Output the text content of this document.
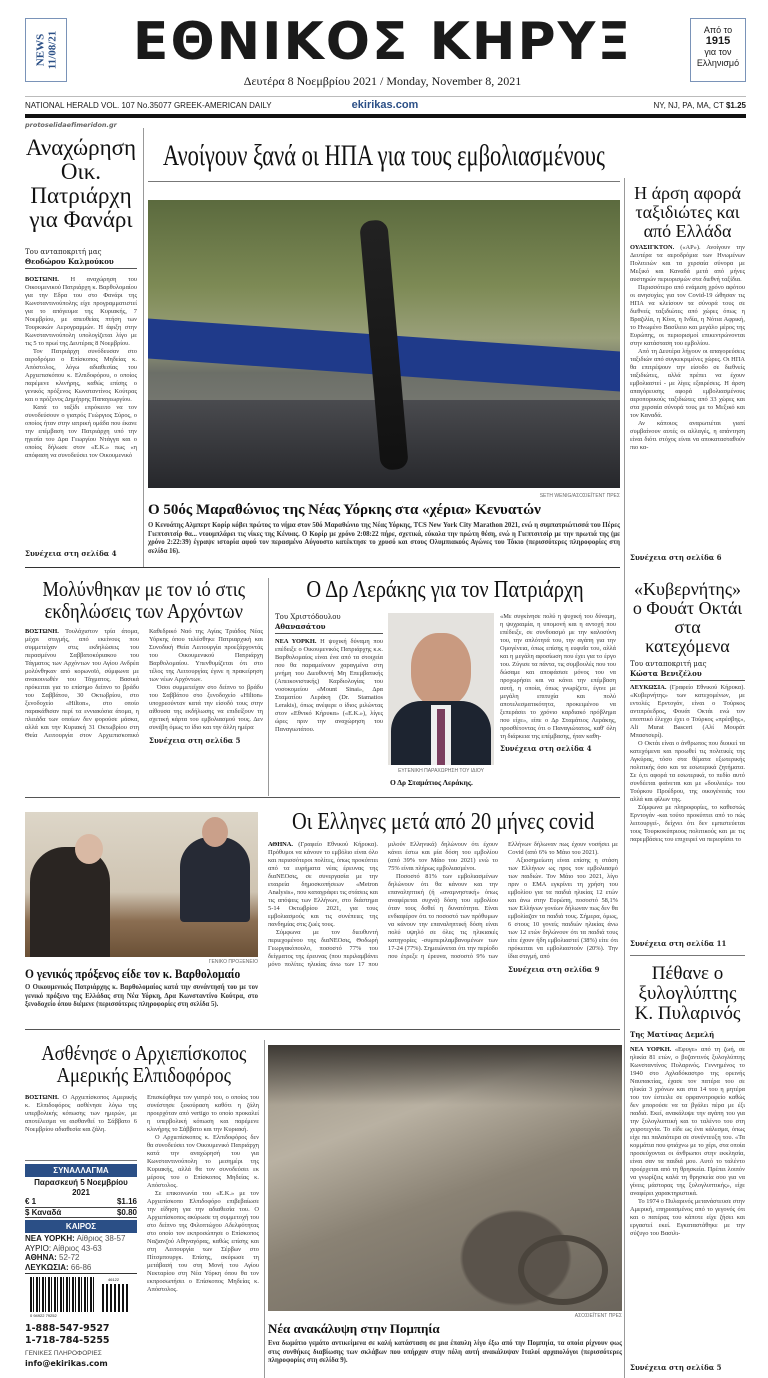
NEWS
11/08/21	ΕΘΝΙΚΟΣ ΚΗΡΥΞ
Δευτέρα 8 Νοεμβρίου 2021 / Monday, November 8, 2021
Από το
1915
για τον
Ελληνισμό
NATIONAL HERALD VOL. 107 No.35077 GREEK-AMERICAN DAILY	ekirikas.com	NY, NJ, PA, MA, CT $1.25
protoselidaefimeridon.gr
Αναχώρηση Οικ. Πατριάρχη για Φανάρι
Του ανταποκριτή μας
Θεοδώρου Καλμούκου

ΒΟΣΤΩΝΗ. Η αναχώρηση του Οικουμενικού Πατριάρχη κ. Βαρθολομαίου για την Εδρα του στο Φανάρι της Κωνσταντινούπολης είχε προγραμματιστεί για το απόγευμα της Κυριακής, 7 Νοεμβρίου, με απευθείας πτήση των Τουρκικών Αερογραμμών. Η άφιξη στην Κωνσταντινούπολη υπολογίζεται λίγο με τις 5 το πρωί της Δευτέρας 8 Νοεμβρίου.

Τον Πατριάρχη συνόδευσαν στο αεροδρόμιο ο Επίσκοπος Μηδείας κ. Απόστολος, λόγω αδιαθεσίας του Αρχιεπισκόπου κ. Ελπιδοφόρου, ο οποίος παρέμενε κλινήρης, καθώς επίσης ο γενικός πρόξενος Κωνσταντίνος Κούτρας και ο πρόξενος Δημήτρης Παπαγεωργίου.

Κατά το ταξίδι επρόκειτο να τον συνοδεύσουν ο γιατρός Γεώργιος Σύρος, ο οποίος ήταν στην ιατρική ομάδα που έκανε την επέμβαση τον Πατριάρχη υπό την ηγεσία του Δρα Γεωργίου Ντάγγα και ο οποίος δήλωσε στον «Ε.Κ.» πως «η απόφαση να συνοδεύσει τον Οικουμενικό

Συνέχεια στη σελίδα 4
Ανοίγουν ξανά οι ΗΠΑ για τους εμβολιασμένους
SETH WENIG/ΑΣΟΣΙΕΪΤΕΝΤ ΠΡΕΣ
Ο 50ός Μαραθώνιος της Νέας Υόρκης στα «χέρια» Κενυατών
Ο Κενυάτης Αλμπερτ Κορίρ κόβει πρώτος το νήμα στον 50ό Μαραθώνιο της Νέας Υόρκης, TCS New York City Marathon 2021, ενώ η συμπατριώτισσά του Πέρες Γιεπτσιτσίρ θα... ντουμπλάρει τις νίκες της Κένυας. Ο Κορίρ με χρόνο 2:08:22 πήρε, σχετικά, εύκολα την πρώτη θέση, ενώ η Γιεπτσιτσίρ με την πρωτιά της (με χρόνο 2:22:39) έγραψε ιστορία αφού τον περασμένο Αύγουστο κατέκτησε το χρυσό και στους Ολυμπιακούς Αγώνες του Τόκιο (περισσότερες πληροφορίες στη σελίδα 16).
Η άρση αφορά ταξιδιώτες και από Ελλάδα

ΟΥΑΣΙΓΚΤΟΝ. («AP»). Ανοίγουν την Δευτέρα τα αεροδρόμια των Ηνωμένων Πολιτειών και τα χερσαία σύνορα με Μεξικό και Καναδά μετά από μήνες αυστηρών περιορισμών στα διεθνή ταξίδια.

Περισσότερο από ενάμιση χρόνο αφότου οι ανησυχίες για τον Covid-19 ώθησαν τις ΗΠΑ να κλείσουν τα σύνορά τους σε διεθνείς ταξιδιώτες από χώρες όπως η Βραζιλία, η Κίνα, η Ινδία, η Νότια Αφρική, το Ηνωμένο Βασίλειο και μεγάλο μέρος της Ευρώπης, οι περιορισμοί επικεντρώνονται στην κατάσταση του εμβολίου.

Από τη Δευτέρα λήγουν οι απαγορεύσεις ταξιδιών από συγκεκριμένες χώρες. Οι ΗΠΑ θα επιτρέψουν την είσοδο σε διεθνείς ταξιδιώτες, αλλά πρέπει να έχουν εμβολιαστεί - με λίγες εξαιρέσεις. Η άρση απαγόρευσης αφορά εμβολιασμένους αεροπορικούς ταξιδιώτες από 33 χώρες και στα χερσαία σύνορά τους με το Μεξικό και τον Καναδά.

Αν κάποιος αναρωτιέται γιατί συμβαίνουν αυτές οι αλλαγές, η απάντηση είναι διότι στόχος είναι να αποκατασταθούν πιο κα-

Συνέχεια στη σελίδα 6
Μολύνθηκαν με τον ιό στις εκδηλώσεις των Αρχόντων

ΒΟΣΤΩΝΗ. Τουλάχιστον τρία άτομα, μέχρι στιγμής, από εκείνους που συμμετείχαν στις εκδηλώσεις του περασμένου Σαββατοκύριακου του Τάγματος των Αρχόντων του Αγίου Ανδρέα μολύνθηκαν από κορωνοϊό, σύμφωνα με ανακοινωθέν του Τάγματος. Βασικά πρόκειται για το επίσημο δείπνο το βράδυ του Σαββάτου, 30 Οκτωβρίου, στο ξενοδοχείο «Hilton», στο οποίο παρακάθισαν περί τα εννιακόσια άτομα, η πλειάδα των οποίων δεν φορούσε μάσκα, αλλά και την Κυριακή 31 Οκτωβρίου στη Θεία Λειτουργία στον Αρχιεπισκοπικό Καθεδρικό Ναό της Αγίας Τριάδος Νέας Υόρκης όπου τελέσθηκε Πατριαρχική και Συνοδική Θεία Λειτουργία προεξάρχοντάς του Οικουμενικού Πατριάρχη Βαρθολομαίου. Υπενθυμίζεται ότι στο τέλος της Λειτουργίας έγινε η πρακείρηση των νέων Αρχόντων.

Όσοι συμμετείχαν στο δείπνο το βράδυ του Σαββάτου στο ξενοδοχείο «Hilton» υποχρεούνταν κατά την είσοδό τους στην αίθουσα της εκδήλωσης να επιδείξουν τη σχετική κάρτα του εμβολιασμού τους. Δεν συνέβη όμως το ίδιο και την άλλη ημέρα

Συνέχεια στη σελίδα 5
Ο Δρ Λεράκης για τον Πατριάρχη
Του Χριστόδουλου
Αθανασάτου
ΕΥΓΕΝΙΚΗ ΠΑΡΑΧΩΡΗΣΗ ΤΟΥ ΙΔΙΟΥ
Ο Δρ Σταμάτιος Λεράκης.

ΝΕΑ ΥΟΡΚΗ. Η ψυχική δύναμη που επέδειξε ο Οικουμενικός Πατριάρχης κ.κ. Βαρθολομαίος είναι ένα από τα στοιχεία που θα παραμείνουν χαραγμένα στη μνήμη του Διευθυντή Μη Επεμβατικής (Απεικονιστικής) Καρδιολογίας του νοσοκομείου «Mount Sinai», Δρα Σταματίου Λεράκη (Dr. Stamatios Lerakis), όπως ανέφερε ο ίδιος μιλώντας στον «Εθνικό Κήρυκα» («Ε.Κ.»), λίγες ώρες πριν την αναχώρηση του Παναγιωτάτου.

«Με συγκίνησε πολύ η ψυχική του δύναμη, η ψυχραιμία, η υπομονή και η αντοχή που επέδειξε, σε συνδυασμό με την καλοσύνη του, την απλότητά του, την αγάπη για την Ομογένεια, όπως επίσης η ευφυΐα του, αλλά και η μεγάλη αφοσίωση που έχει για το έργο του. Ζύγισε τα πάντα, τις συμβουλές που του δώσαμε και αποφάσισε μόνος του να προχωρήσει και να κάνει την επέμβαση αυτή, η οποία, όπως γνωρίζετε, έγινε με μεγάλη επιτυχία και πολύ αποτελεσματικότητα, προκειμένου να ξεπεράσει το χρόνιο καρδιακό πρόβλημα που είχε», είπε ο Δρ Σταμάτιος Λεράκης, προσθέτοντας ότι ο Παναγιώτατος, καθ' όλη τη διάρκεια της επέμβασης, ήταν καθη-

Συνέχεια στη σελίδα 4
«Κυβερνήτης» ο Φουάτ Οκτάι στα κατεχόμενα
Του ανταποκριτή μας
Κώστα Βενιζέλου

ΛΕΥΚΩΣΙΑ. (Γραφείο Εθνικού Κήρυκα). «Κυβερνήτης» των κατεχομένων, με εντολές Ερντογάν, είναι ο Τούρκος αντιπρόεδρος, Φουάτ Οκτάι ενώ τον εποπτικό έλεγχο έχει ο Τούρκος «πρέσβης», Ali Murat Basceri (Αλί Μουράτ Μπαστσερί).

Ο Οκτάι είναι ο άνθρωπος που διοικεί τα κατεχόμενα και προωθεί τις πολιτικές της Αγκύρας, τόσο στα θέματα εξωτερικής πολιτικής όσο και τα εσωτερικά ζητήματα. Σε ό,τι αφορά τα εσωτερικά, το πεδίο αυτό συνδέεται φαίνεται και με «δουλειές» του Τούρκου Προέδρου, της οικογένειάς του αλλά και φίλων της.

Σύμφωνα με πληροφορίες, το καθεστώς Ερντογάν -και τούτο προκύπτει από το πώς λειτουργεί-, δείχνει ότι δεν εμπιστεύεται τους Τουρκοκύπριους πολιτικούς και με τις παρεμβάσεις του επιχειρεί να περιορίσει το

Συνέχεια στη σελίδα 11
ΓΕΝΙΚΟ ΠΡΟΞΕΝΕΙΟ
Ο γενικός πρόξενος είδε τον κ. Βαρθολομαίο
Ο Οικουμενικός Πατριάρχης κ. Βαρθολομαίος κατά την συνάντησή του με τον γενικό πρόξενο της Ελλάδας στη Νέα Υόρκη, Δρα Κωνσταντίνο Κούτρα, στο ξενοδοχείο όπου διέμενε (περισσότερες πληροφορίες στη σελίδα 5).
Οι Ελληνες μετά από 20 μήνες covid

ΑΘΗΝΑ. (Γραφείο Εθνικού Κήρυκα). Πρόθυμοι να κάνουν το εμβόλιο είναι όλο και περισσότεροι πολίτες, όπως προκύπτει από τα ευρήματα νέας έρευνας της διαΝΕΟσις, σε συνεργασία με την εταιρεία δημοσκοπήσεων «Metron Analysis», που καταγράφει τις στάσεις και τις απόψεις των Ελλήνων, στο διάστημα 5-14 Οκτωβρίου 2021, για τους εμβολιασμούς και τις συνέπειες της πανδημίας στις ζωές τους.

Σύμφωνα με τον διευθυντή περιεχομένου της διαΝΕΟσις, Θοδωρή Γεωργακόπουλο, ποσοστό 77% του δείγματος της έρευνας (που περιλαμβάνει μόνο πολίτες ηλικίας άνω των 17 που μιλούν Ελληνικά) δηλώνουν ότι έχουν κάνει έστω και μία δόση του εμβολίου (από 39% τον Μάιο του 2021) ενώ το 75% είναι πλήρως εμβολιασμένοι.

Ποσοστό 81% των εμβολιασμένων δηλώνουν ότι θα κάνουν και την επαναληπτική (ή «αναμνηστική» όπως αναφέρεται συχνά) δόση του εμβολίου όταν τους δοθεί η δυνατότητα. Είναι ενδιαφέρον ότι το ποσοστό των πρόθυμων να κάνουν την επαναληπτική δόση είναι πολύ υψηλό σε όλες τις ηλικιακές κατηγορίες -συμπεριλαμβανομένων των 17-24 (77%). Σημειώνεται ότι την περίοδο που έτρεξε η έρευνα, ποσοστό 9% των Ελλήνων δήλωναν πως έχουν νοσήσει με Covid (από 6% το Μάιο του 2021).

Αξιοσημείωτη είναι επίσης η στάση των Ελλήνων ως προς τον εμβολιασμό των παιδιών. Τον Μάιο του 2021, λίγο πριν ο ΕΜΑ εγκρίνει τη χρήση του εμβολίου για τα παιδιά ηλικίας 12 ετών και άνω στην Ευρώπη, ποσοστό 58,1% των Ελλήνων γονέων δήλωναν πως δεν θα εμβολίαζαν τα παιδιά τους. Σήμερα, όμως, 6 στους 10 γονείς παιδιών ηλικίας άνω των 12 ετών δηλώνουν ότι τα παιδιά τους είτε έχουν ήδη εμβολιαστεί (38%) είτε ότι πρόκειται να εμβολιαστούν (20%). Την ίδια στιγμή, από

Συνέχεια στη σελίδα 9
Ασθένησε ο Αρχιεπίσκοπος Αμερικής Ελπιδοφόρος

ΒΟΣΤΩΝΗ. Ο Αρχιεπίσκοπος Αμερικής κ. Ελπιδοφόρος ασθένησε λόγω της υπερβολικής κόπωσης των ημερών, με αποτέλεσμα να αισθανθεί το Σάββατο 6 Νοεμβρίου αδιαθεσία και ζάλη.

Επισκέφθηκε τον γιατρό του, ο οποίος του συνέστησε ξεκούραση καθότι η ζάλη προερχόταν από vertigo το οποίο προκαλεί η υπερβολική κόπωση και παρέμενε κλινήρης το Σάββατο και την Κυριακή.

Ο Αρχιεπίσκοπος κ. Ελπιδοφόρος δεν θα συνοδεύσει τον Οικουμενικό Πατριάρχη κατά την αναχώρησή του για Κωνσταντινούπολη το μεσημέρι της Κυριακής, αλλά θα τον συνοδεύσει εκ μέρους του ο Επίσκοπος Μηδείας κ. Απόστολος.

Σε επικοινωνία του «Ε.Κ.» με τον Αρχιεπίσκοπο Ελπιδοφόρο επιβεβαίωσε την είδηση για την αδιαθεσία του. Ο Αρχιεπίσκοπος ακύρωσε τη συμμετοχή του στο δείπνο της Φιλοπτώχου Αδελφότητας στο οποίο τον εκπροσώπησε ο Επίσκοπος Ναζιανζού Αθηναγόρας, καθώς επίσης και στη Λειτουργία των Σέρβων στο Πίτσμπουργκ. Επίσης, ακύρωσε τη μετάβασή του στη Μονή του Αγίου Νεκταρίου στη Νέα Υόρκη όπου θα τον εκπροσωπήσει ο Επίσκοπος Μηδείας κ. Απόστολος.

ΣΥΝΑΛΛΑΓΜΑ
Παρασκευή 5 Νοεμβρίου 2021
€ 1	$1.16
$ Καναδά	$0.80
ΚΑΙΡΟΣ
ΝΕΑ ΥΟΡΚΗ: Αίθριος 38-57
ΑΥΡΙΟ: Αίθριος 43-63
ΑΘΗΝΑ: 52-72
ΛΕΥΚΩΣΙΑ: 66-86
0 94922 79252
46122
1-888-547-9527
1-718-784-5255
ΓΕΝΙΚΕΣ ΠΛΗΡΟΦΟΡΙΕΣ
info@ekirikas.com
ΑΣΟΣΙΕΪΤΕΝΤ ΠΡΕΣ
Νέα ανακάλυψη στην Πομπηία
Ενα δωμάτιο γεμάτο αντικείμενα σε καλή κατάσταση σε μια έπαυλη λίγο έξω από την Πομπηία, τα οποία ρίχνουν φως στις συνθήκες διαβίωσης των σκλάβων που υπήρχαν στην πόλη αυτή ανακάλυψαν Ιταλοί αρχαιολόγοι (περισσότερες πληροφορίες στη σελίδα 9).
Πέθανε ο ξυλογλύπτης Κ. Πυλαρινός
Της Ματίνας Δεμελή

ΝΕΑ ΥΟΡΚΗ. «Εφυγε» από τη ζωή, σε ηλικία 81 ετών, ο βυζαντινός ξυλογλύπτης Κωνσταντίνος Πυλαρινός. Γεννημένος το 1940 στο Αχλαδόκαστρο της ορεινής Ναυπακτίας, έχασε τον πατέρα του σε ηλικία 3 χρόνων και στα 14 του η μητέρα του τον έστειλε σε ορφανοτροφείο καθώς δεν μπορούσε να τα βγάλει πέρα με έξι παιδιά. Εκεί, ανακάλυψε την αγάπη του για την ξυλογλυπτική και το ταλέντο του στη χειροτεχνία. Το είδε ως ένα κάλεσμα, όπως είχε πει παλαιότερα σε συνέντευξη του. «Τα κομμάτια που φτιάχνω με το χέρι, στα οποία προσεύχονται οι άνθρωποι στην εκκλησία, είναι σαν τα παιδιά μου. Αυτό το ταλέντο προέρχεται από τη θρησκεία. Πρέπει λοιπόν να γνωρίζεις καλά τη θρησκεία σου για να γίνεις μάστορας της ξυλογλυπτικής», είχε αναφέρει χαρακτηριστικά.

Το 1974 ο Πυλαρινός μετανάστευσε στην Αμερική, επηρεασμένος από το γεγονός ότι και ο πατέρας του κάποτε είχε ζήσει και εργαστεί εκεί. Εγκαταστάθηκε με την σύζυγο του Βασιλι-

Συνέχεια στη σελίδα 5
